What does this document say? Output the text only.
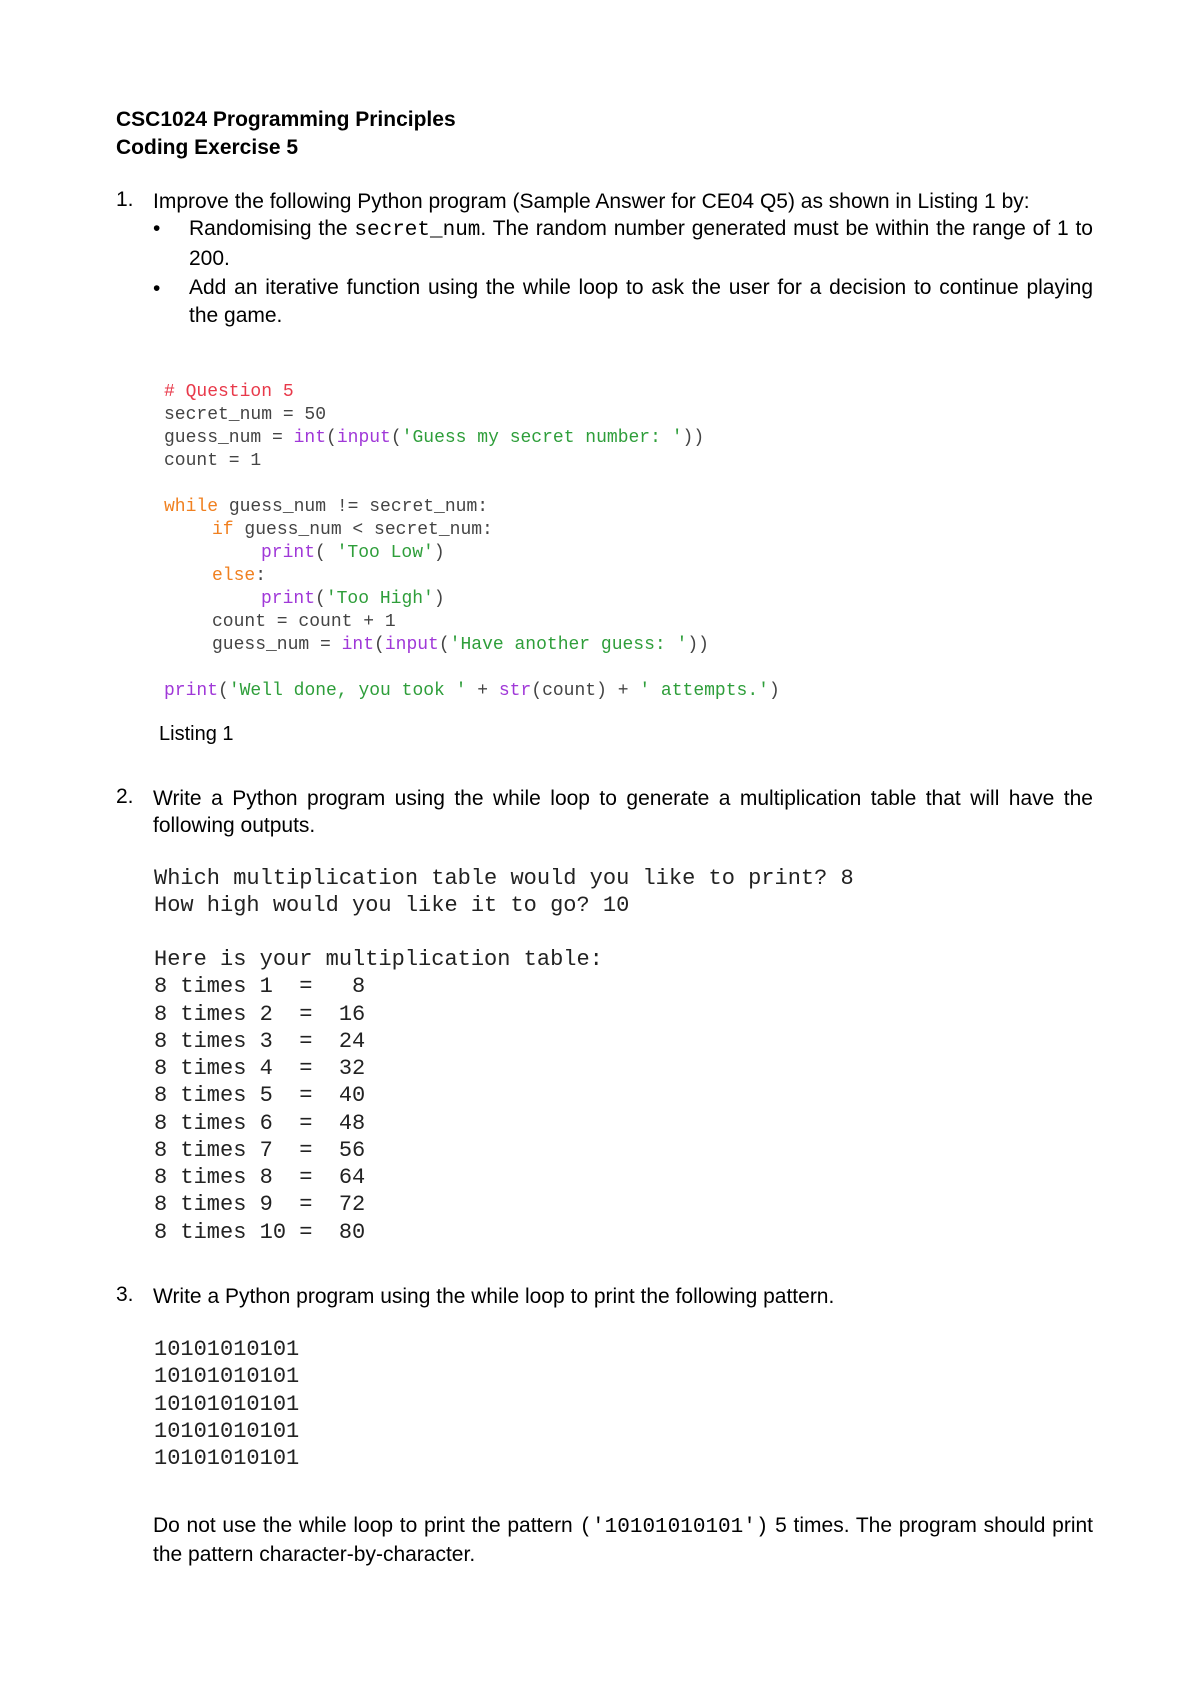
CSC1024 Programming Principles
Coding Exercise 5
1. Improve the following Python program (Sample Answer for CE04 Q5) as shown in Listing 1 by:
• Randomising the secret_num. The random number generated must be within the range of 1 to 200.
• Add an iterative function using the while loop to ask the user for a decision to continue playing the game.
# Question 5
secret_num = 50
guess_num = int(input('Guess my secret number: '))
count = 1
while guess_num != secret_num:
if guess_num < secret_num:
print( 'Too Low')
else:
print('Too High')
count = count + 1
guess_num = int(input('Have another guess: '))
print('Well done, you took ' + str(count) + ' attempts.')
Listing 1
2. Write a Python program using the while loop to generate a multiplication table that will have the following outputs.
Which multiplication table would you like to print? 8
How high would you like it to go? 10
Here is your multiplication table:
8 times 1  =   8
8 times 2  =  16
8 times 3  =  24
8 times 4  =  32
8 times 5  =  40
8 times 6  =  48
8 times 7  =  56
8 times 8  =  64
8 times 9  =  72
8 times 10 =  80
3. Write a Python program using the while loop to print the following pattern.
10101010101
10101010101
10101010101
10101010101
10101010101
Do not use the while loop to print the pattern ('10101010101') 5 times. The program should print the pattern character-by-character.
